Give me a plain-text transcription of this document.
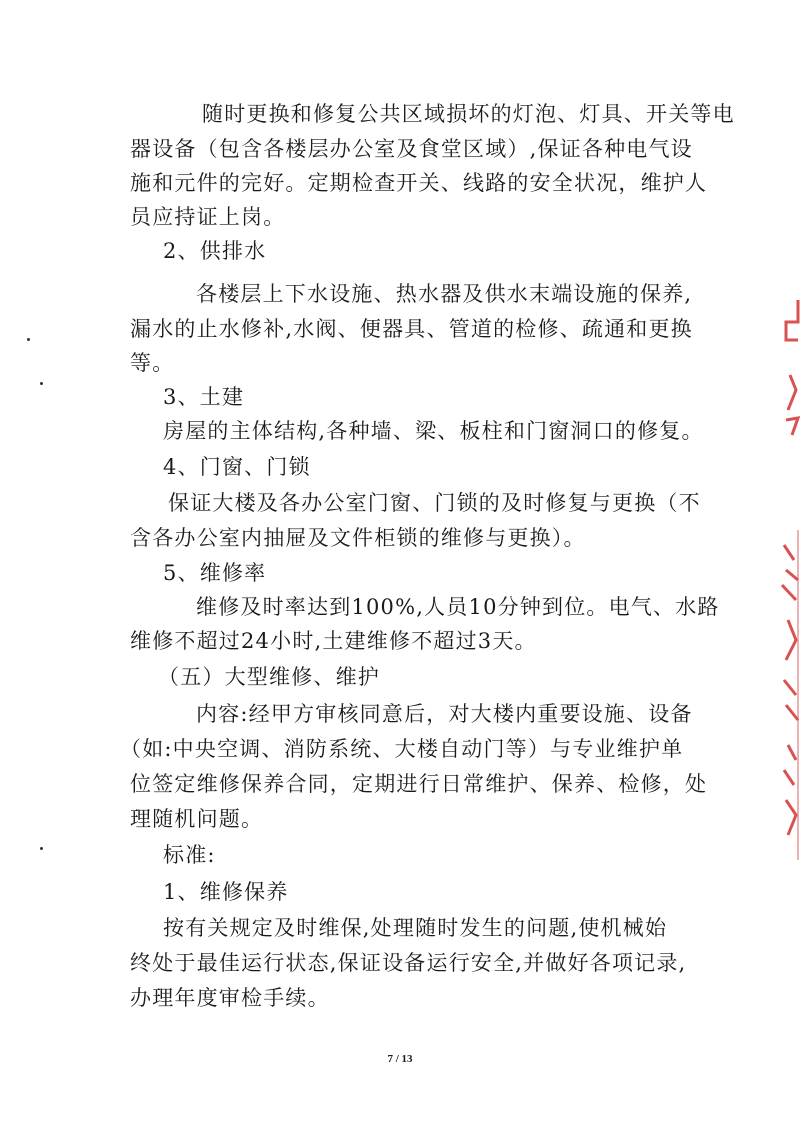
随时更换和修复公共区域损坏的灯泡、灯具、开关等电
器设备（包含各楼层办公室及食堂区域）,保证各种电气设
施和元件的完好。定期检查开关、线路的安全状况，维护人
员应持证上岗。
2、供排水
各楼层上下水设施、热水器及供水末端设施的保养,
漏水的止水修补,水阀、便器具、管道的检修、疏通和更换
等。
3、土建
房屋的主体结构,各种墙、梁、板柱和门窗洞口的修复。
4、门窗、门锁
保证大楼及各办公室门窗、门锁的及时修复与更换（不
含各办公室内抽屉及文件柜锁的维修与更换）。
5、维修率
维修及时率达到100%,人员10分钟到位。电气、水路
维修不超过24小时,土建维修不超过3天。
（五）大型维修、维护
内容:经甲方审核同意后，对大楼内重要设施、设备
（如:中央空调、消防系统、大楼自动门等）与专业维护单
位签定维修保养合同，定期进行日常维护、保养、检修，处
理随机问题。
标准:
1、维修保养
按有关规定及时维保,处理随时发生的问题,使机械始
终处于最佳运行状态,保证设备运行安全,并做好各项记录,
办理年度审检手续。
7 / 13
